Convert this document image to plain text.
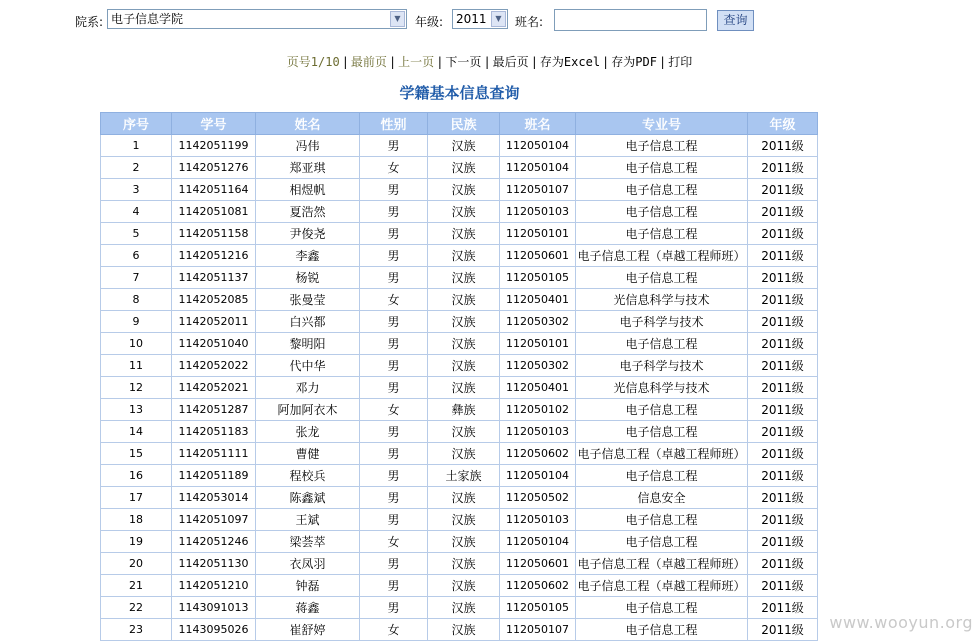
院系: 电子信息学院	▼	年级:	2011	▼	班名:	查询
页号1/10 | 最前页 | 上一页 | 下一页 | 最后页 | 存为Excel | 存为PDF | 打印
学籍基本信息查询
序号	学号	姓名	性别	民族	班名	专业号	年级
1	1142051199	冯伟	男	汉族	112050104	电子信息工程	2011级
2	1142051276	郑亚琪	女	汉族	112050104	电子信息工程	2011级
3	1142051164	相煜帆	男	汉族	112050107	电子信息工程	2011级
4	1142051081	夏浩然	男	汉族	112050103	电子信息工程	2011级
5	1142051158	尹俊尧	男	汉族	112050101	电子信息工程	2011级
6	1142051216	李鑫	男	汉族	112050601	电子信息工程（卓越工程师班）	2011级
7	1142051137	杨锐	男	汉族	112050105	电子信息工程	2011级
8	1142052085	张曼莹	女	汉族	112050401	光信息科学与技术	2011级
9	1142052011	白兴都	男	汉族	112050302	电子科学与技术	2011级
10	1142051040	黎明阳	男	汉族	112050101	电子信息工程	2011级
11	1142052022	代中华	男	汉族	112050302	电子科学与技术	2011级
12	1142052021	邓力	男	汉族	112050401	光信息科学与技术	2011级
13	1142051287	阿加阿衣木	女	彝族	112050102	电子信息工程	2011级
14	1142051183	张龙	男	汉族	112050103	电子信息工程	2011级
15	1142051111	曹健	男	汉族	112050602	电子信息工程（卓越工程师班）	2011级
16	1142051189	程校兵	男	土家族	112050104	电子信息工程	2011级
17	1142053014	陈鑫斌	男	汉族	112050502	信息安全	2011级
18	1142051097	王斌	男	汉族	112050103	电子信息工程	2011级
19	1142051246	梁荟萃	女	汉族	112050104	电子信息工程	2011级
20	1142051130	衣凤羽	男	汉族	112050601	电子信息工程（卓越工程师班）	2011级
21	1142051210	钟磊	男	汉族	112050602	电子信息工程（卓越工程师班）	2011级
22	1143091013	蒋鑫	男	汉族	112050105	电子信息工程	2011级
23	1143095026	崔舒婷	女	汉族	112050107	电子信息工程	2011级 www.wooyun.org
